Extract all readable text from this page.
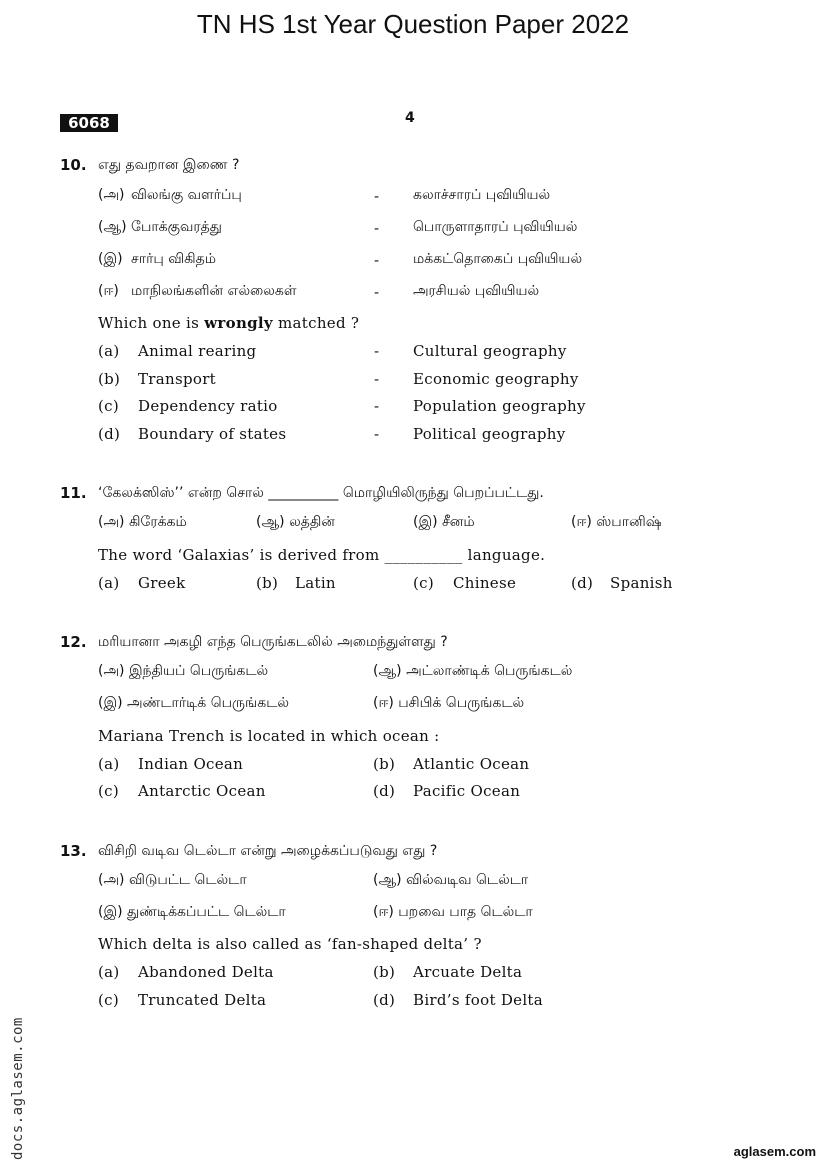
TN HS 1st Year Question Paper 2022
6068	4
10. எது தவறான இணை ?
(அ) விலங்கு வளர்ப்பு	- கலாச்சாரப் புவியியல்
(ஆ) போக்குவரத்து	- பொருளாதாரப் புவியியல்
(இ) சார்பு விகிதம்	- மக்கட்தொகைப் புவியியல்
(ஈ) மாநிலங்களின் எல்லைகள்	- அரசியல் புவியியல்
Which one is wrongly matched ?
(a) Animal rearing	- Cultural geography
(b) Transport	- Economic geography
(c) Dependency ratio	- Population geography
(d) Boundary of states	- Political geography
11. ‘கேலக்ஸிஸ்’’ என்ற சொல் __________ மொழியிலிருந்து பெறப்பட்டது.
(அ) கிரேக்கம்	(ஆ) லத்தின்	(இ) சீனம்	(ஈ) ஸ்பானிஷ்
The word ‘Galaxias’ is derived from __________ language.
(a) Greek	(b) Latin	(c) Chinese	(d) Spanish
12. மரியானா அகழி எந்த பெருங்கடலில் அமைந்துள்ளது ?
(அ) இந்தியப் பெருங்கடல்	(ஆ) அட்லாண்டிக் பெருங்கடல்
(இ) அண்டார்டிக் பெருங்கடல்	(ஈ) பசிபிக் பெருங்கடல்
Mariana Trench is located in which ocean :
(a) Indian Ocean	(b) Atlantic Ocean
(c) Antarctic Ocean	(d) Pacific Ocean
13. விசிறி வடிவ டெல்டா என்று அழைக்கப்படுவது எது ?
(அ) விடுபட்ட டெல்டா	(ஆ) வில்வடிவ டெல்டா
(இ) துண்டிக்கப்பட்ட டெல்டா	(ஈ) பறவை பாத டெல்டா
Which delta is also called as ‘fan-shaped delta’ ?
(a) Abandoned Delta	(b) Arcuate Delta
(c) Truncated Delta	(d) Bird’s foot Delta
docs.aglasem.com	aglasem.com
